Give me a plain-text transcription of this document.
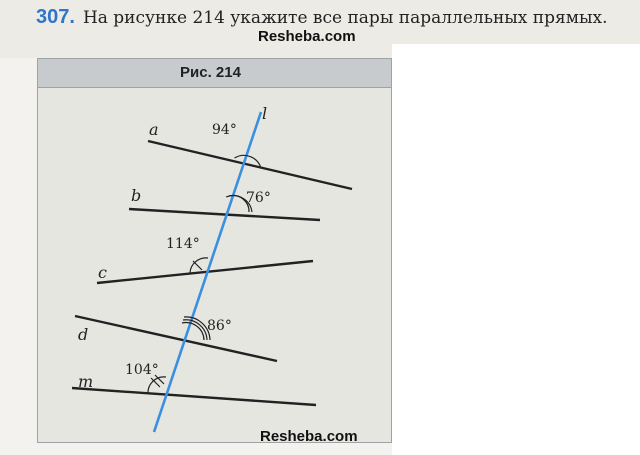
307. На рисунке 214 укажите все пары параллельных прямых.

Resheba.com
Рис. 214
a
b
c
d
m
l
94°
76°
114°
86°
104°
Resheba.com
